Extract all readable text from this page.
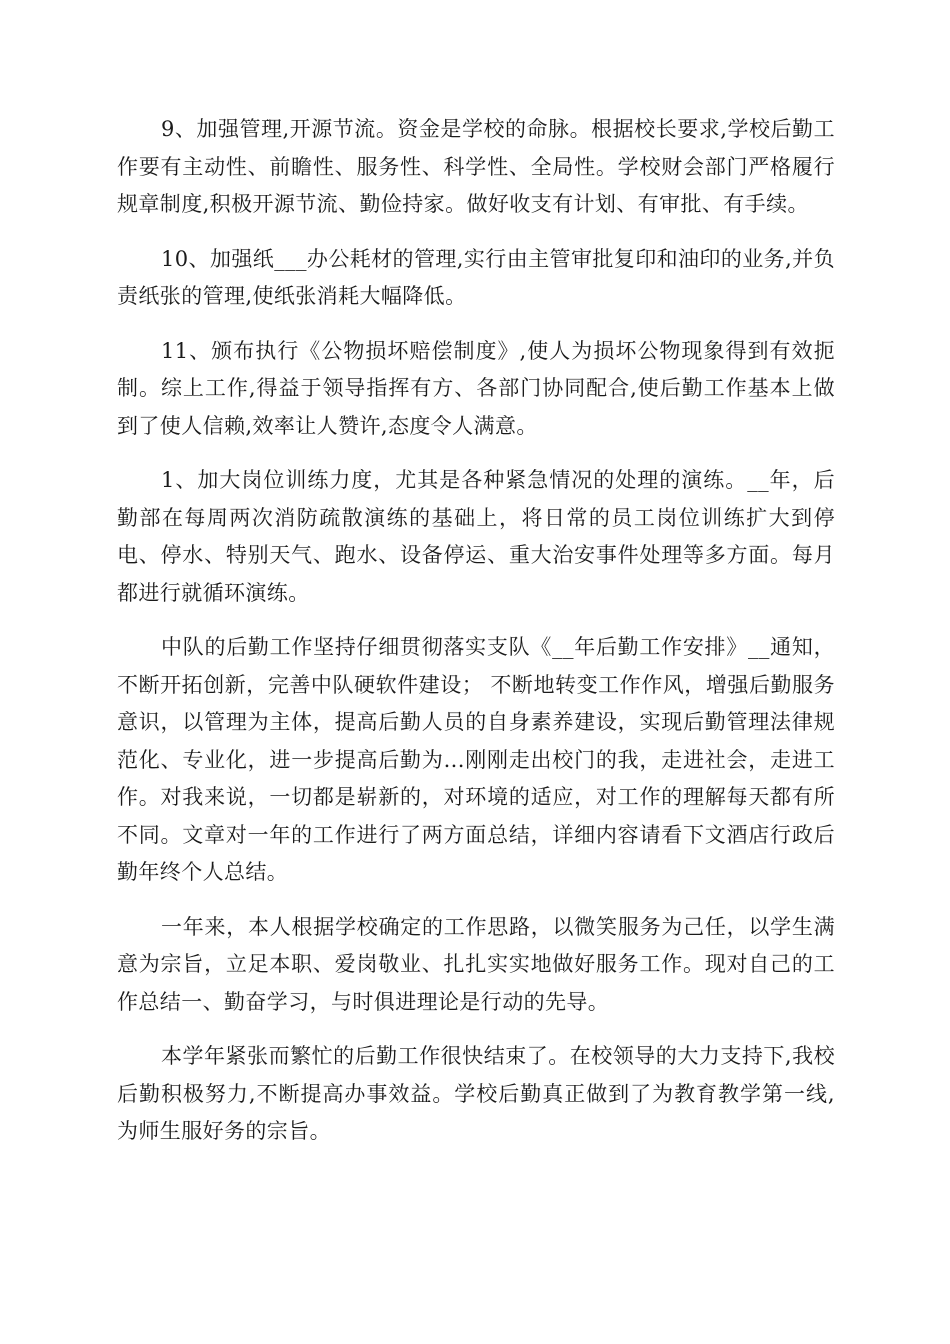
9、加强管理,开源节流。资金是学校的命脉。根据校长要求,学校后勤工作要有主动性、前瞻性、服务性、科学性、全局性。学校财会部门严格履行规章制度,积极开源节流、勤俭持家。做好收支有计划、有审批、有手续。

10、加强纸___办公耗材的管理,实行由主管审批复印和油印的业务,并负责纸张的管理,使纸张消耗大幅降低。

11、颁布执行《公物损坏赔偿制度》,使人为损坏公物现象得到有效扼制。综上工作,得益于领导指挥有方、各部门协同配合,使后勤工作基本上做到了使人信赖,效率让人赞许,态度令人满意。

1、加大岗位训练力度，尤其是各种紧急情况的处理的演练。__年，后勤部在每周两次消防疏散演练的基础上，将日常的员工岗位训练扩大到停电、停水、特别天气、跑水、设备停运、重大治安事件处理等多方面。每月都进行就循环演练。

中队的后勤工作坚持仔细贯彻落实支队《__年后勤工作安排》__通知，不断开拓创新，完善中队硬软件建设； 不断地转变工作作风，增强后勤服务意识，以管理为主体，提高后勤人员的自身素养建设，实现后勤管理法律规范化、专业化，进一步提高后勤为...刚刚走出校门的我，走进社会，走进工作。对我来说，一切都是崭新的，对环境的适应，对工作的理解每天都有所不同。文章对一年的工作进行了两方面总结，详细内容请看下文酒店行政后勤年终个人总结。

一年来，本人根据学校确定的工作思路，以微笑服务为己任，以学生满意为宗旨，立足本职、爱岗敬业、扎扎实实地做好服务工作。现对自己的工作总结一、勤奋学习，与时俱进理论是行动的先导。

本学年紧张而繁忙的后勤工作很快结束了。在校领导的大力支持下,我校后勤积极努力,不断提高办事效益。学校后勤真正做到了为教育教学第一线,为师生服好务的宗旨。
